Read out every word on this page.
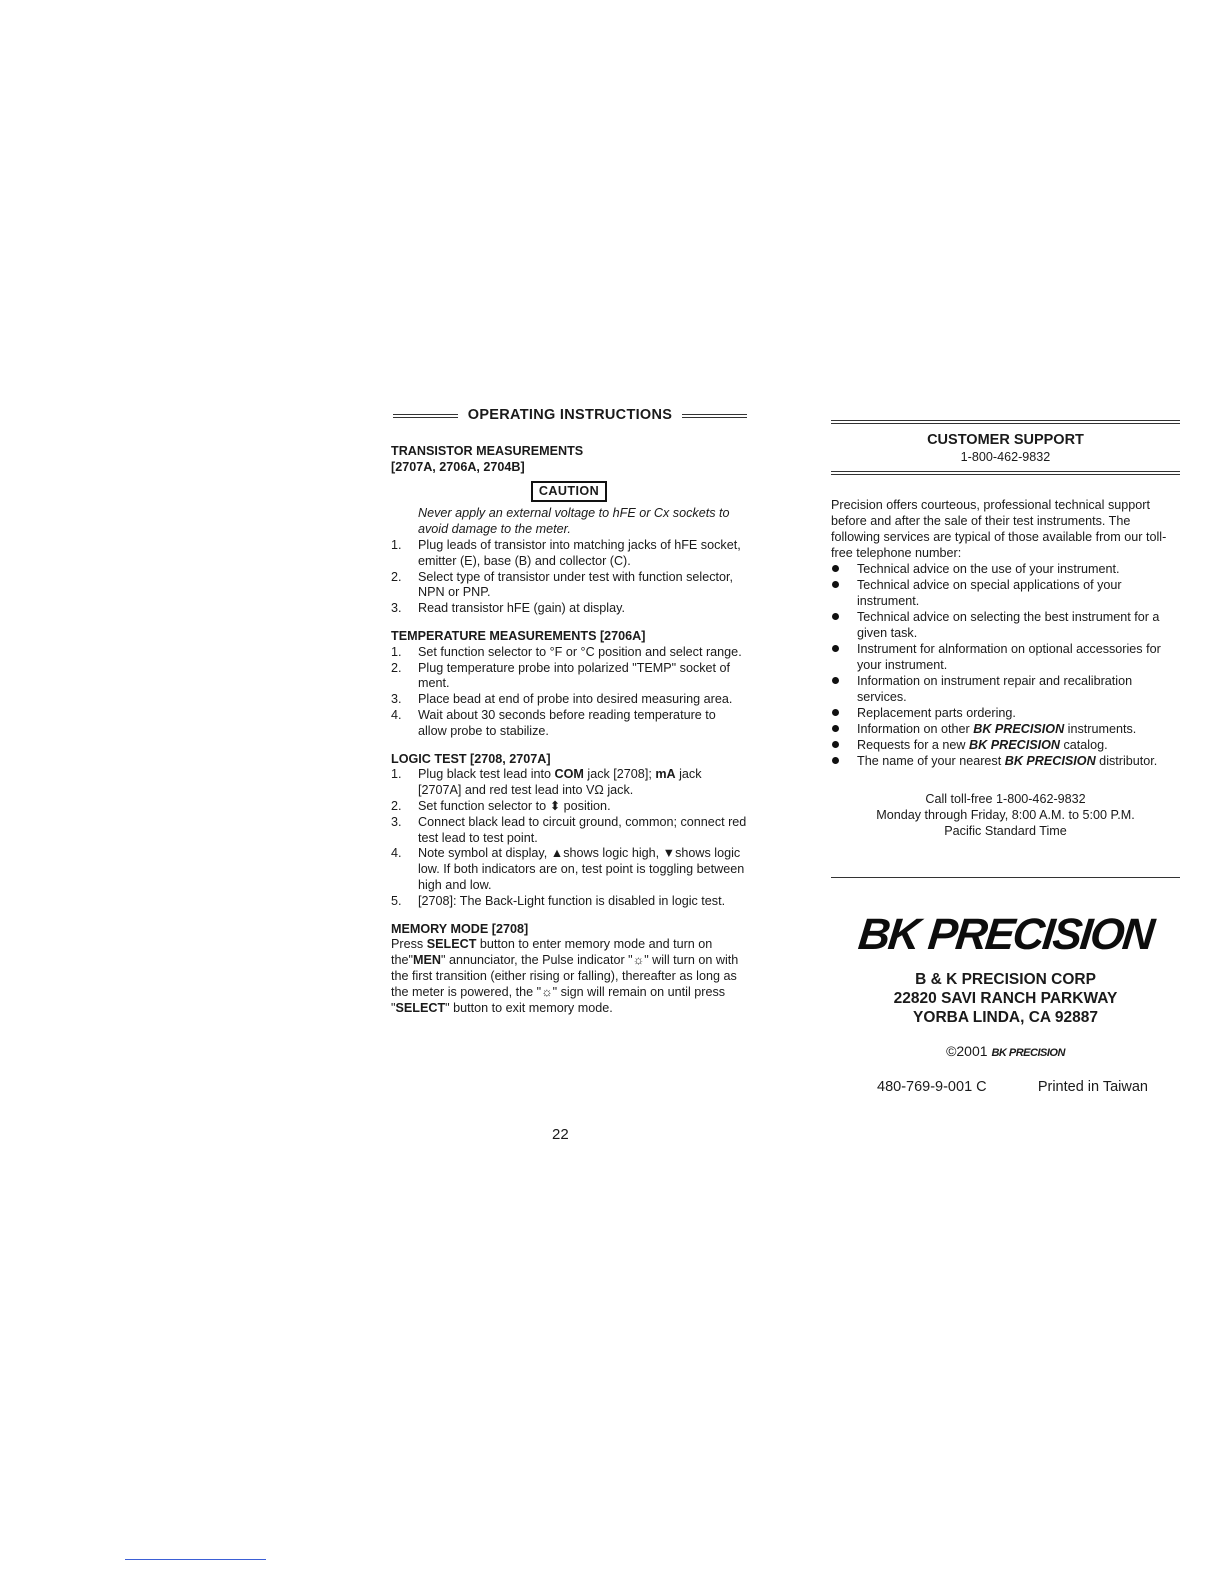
OPERATING INSTRUCTIONS
TRANSISTOR MEASUREMENTS
[2707A, 2706A, 2704B]
CAUTION
Never apply an external voltage to hFE or Cx sockets to avoid damage to the meter.
1. Plug leads of transistor into matching jacks of hFE socket, emitter (E), base (B) and collector (C).
2. Select type of transistor under test with function selector, NPN or PNP.
3. Read transistor hFE (gain) at display.
TEMPERATURE MEASUREMENTS [2706A]
1. Set function selector to °F or °C position and select range.
2. Plug temperature probe into polarized "TEMP" socket of ment.
3. Place bead at end of probe into desired measuring area.
4. Wait about 30 seconds before reading temperature to allow probe to stabilize.
LOGIC TEST [2708, 2707A]
1. Plug black test lead into COM jack [2708]; mA jack [2707A] and red test lead into VΩ jack.
2. Set function selector to ⬍ position.
3. Connect black lead to circuit ground, common; connect red test lead to test point.
4. Note symbol at display, ▲shows logic high, ▼shows logic low. If both indicators are on, test point is toggling between high and low.
5. [2708]: The Back-Light function is disabled in logic test.
MEMORY MODE [2708]

Press SELECT button to enter memory mode and turn on the"MEN" annunciator, the Pulse indicator "☼" will turn on with the first transition (either rising or falling), thereafter as long as the meter is powered, the "☼" sign will remain on until press "SELECT" button to exit memory mode.

22
CUSTOMER SUPPORT
1-800-462-9832

Precision offers courteous, professional technical support before and after the sale of their test instruments. The following services are typical of those available from our toll-free telephone number:

Technical advice on the use of your instrument.
Technical advice on special applications of your instrument.
Technical advice on selecting the best instrument for a given task.
Instrument for alnformation on optional accessories for your instrument.
Information on instrument repair and recalibration services.
Replacement parts ordering.
Information on other BK PRECISION instruments.
Requests for a new BK PRECISION catalog.
The name of your nearest BK PRECISION distributor.
Call toll-free 1-800-462-9832
Monday through Friday, 8:00 A.M. to 5:00 P.M.
Pacific Standard Time
BK PRECISION
B & K PRECISION CORP
22820 SAVI RANCH PARKWAY
YORBA LINDA, CA 92887
©2001 BK PRECISION
480-769-9-001 C	Printed in Taiwan
